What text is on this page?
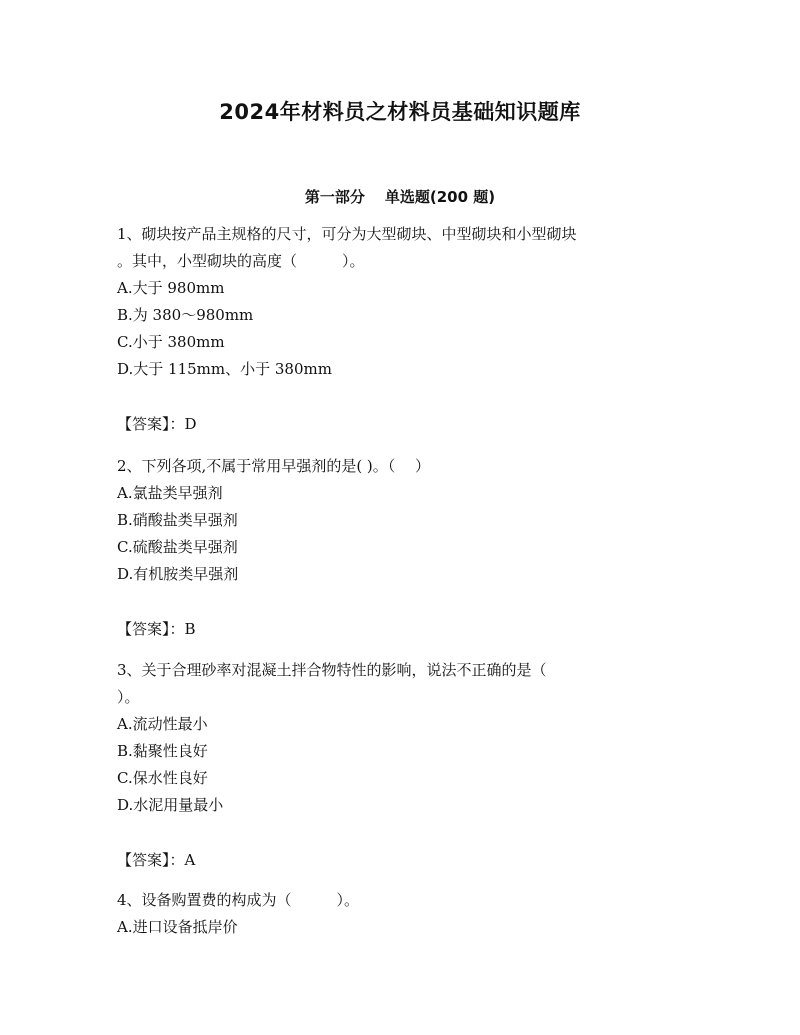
2024年材料员之材料员基础知识题库
第一部分 单选题(200 题)
1、砌块按产品主规格的尺寸，可分为大型砌块、中型砌块和小型砌块
。其中，小型砌块的高度（　　　）。
A.大于 980mm
B.为 380～980mm
C.小于 380mm
D.大于 115mm、小于 380mm
【答案】：D
2、下列各项,不属于常用早强剂的是( )。（　 ）
A.氯盐类早强剂
B.硝酸盐类早强剂
C.硫酸盐类早强剂
D.有机胺类早强剂
【答案】：B
3、关于合理砂率对混凝土拌合物特性的影响，说法不正确的是（
）。
A.流动性最小
B.黏聚性良好
C.保水性良好
D.水泥用量最小
【答案】：A
4、设备购置费的构成为（　　　）。
A.进口设备抵岸价
